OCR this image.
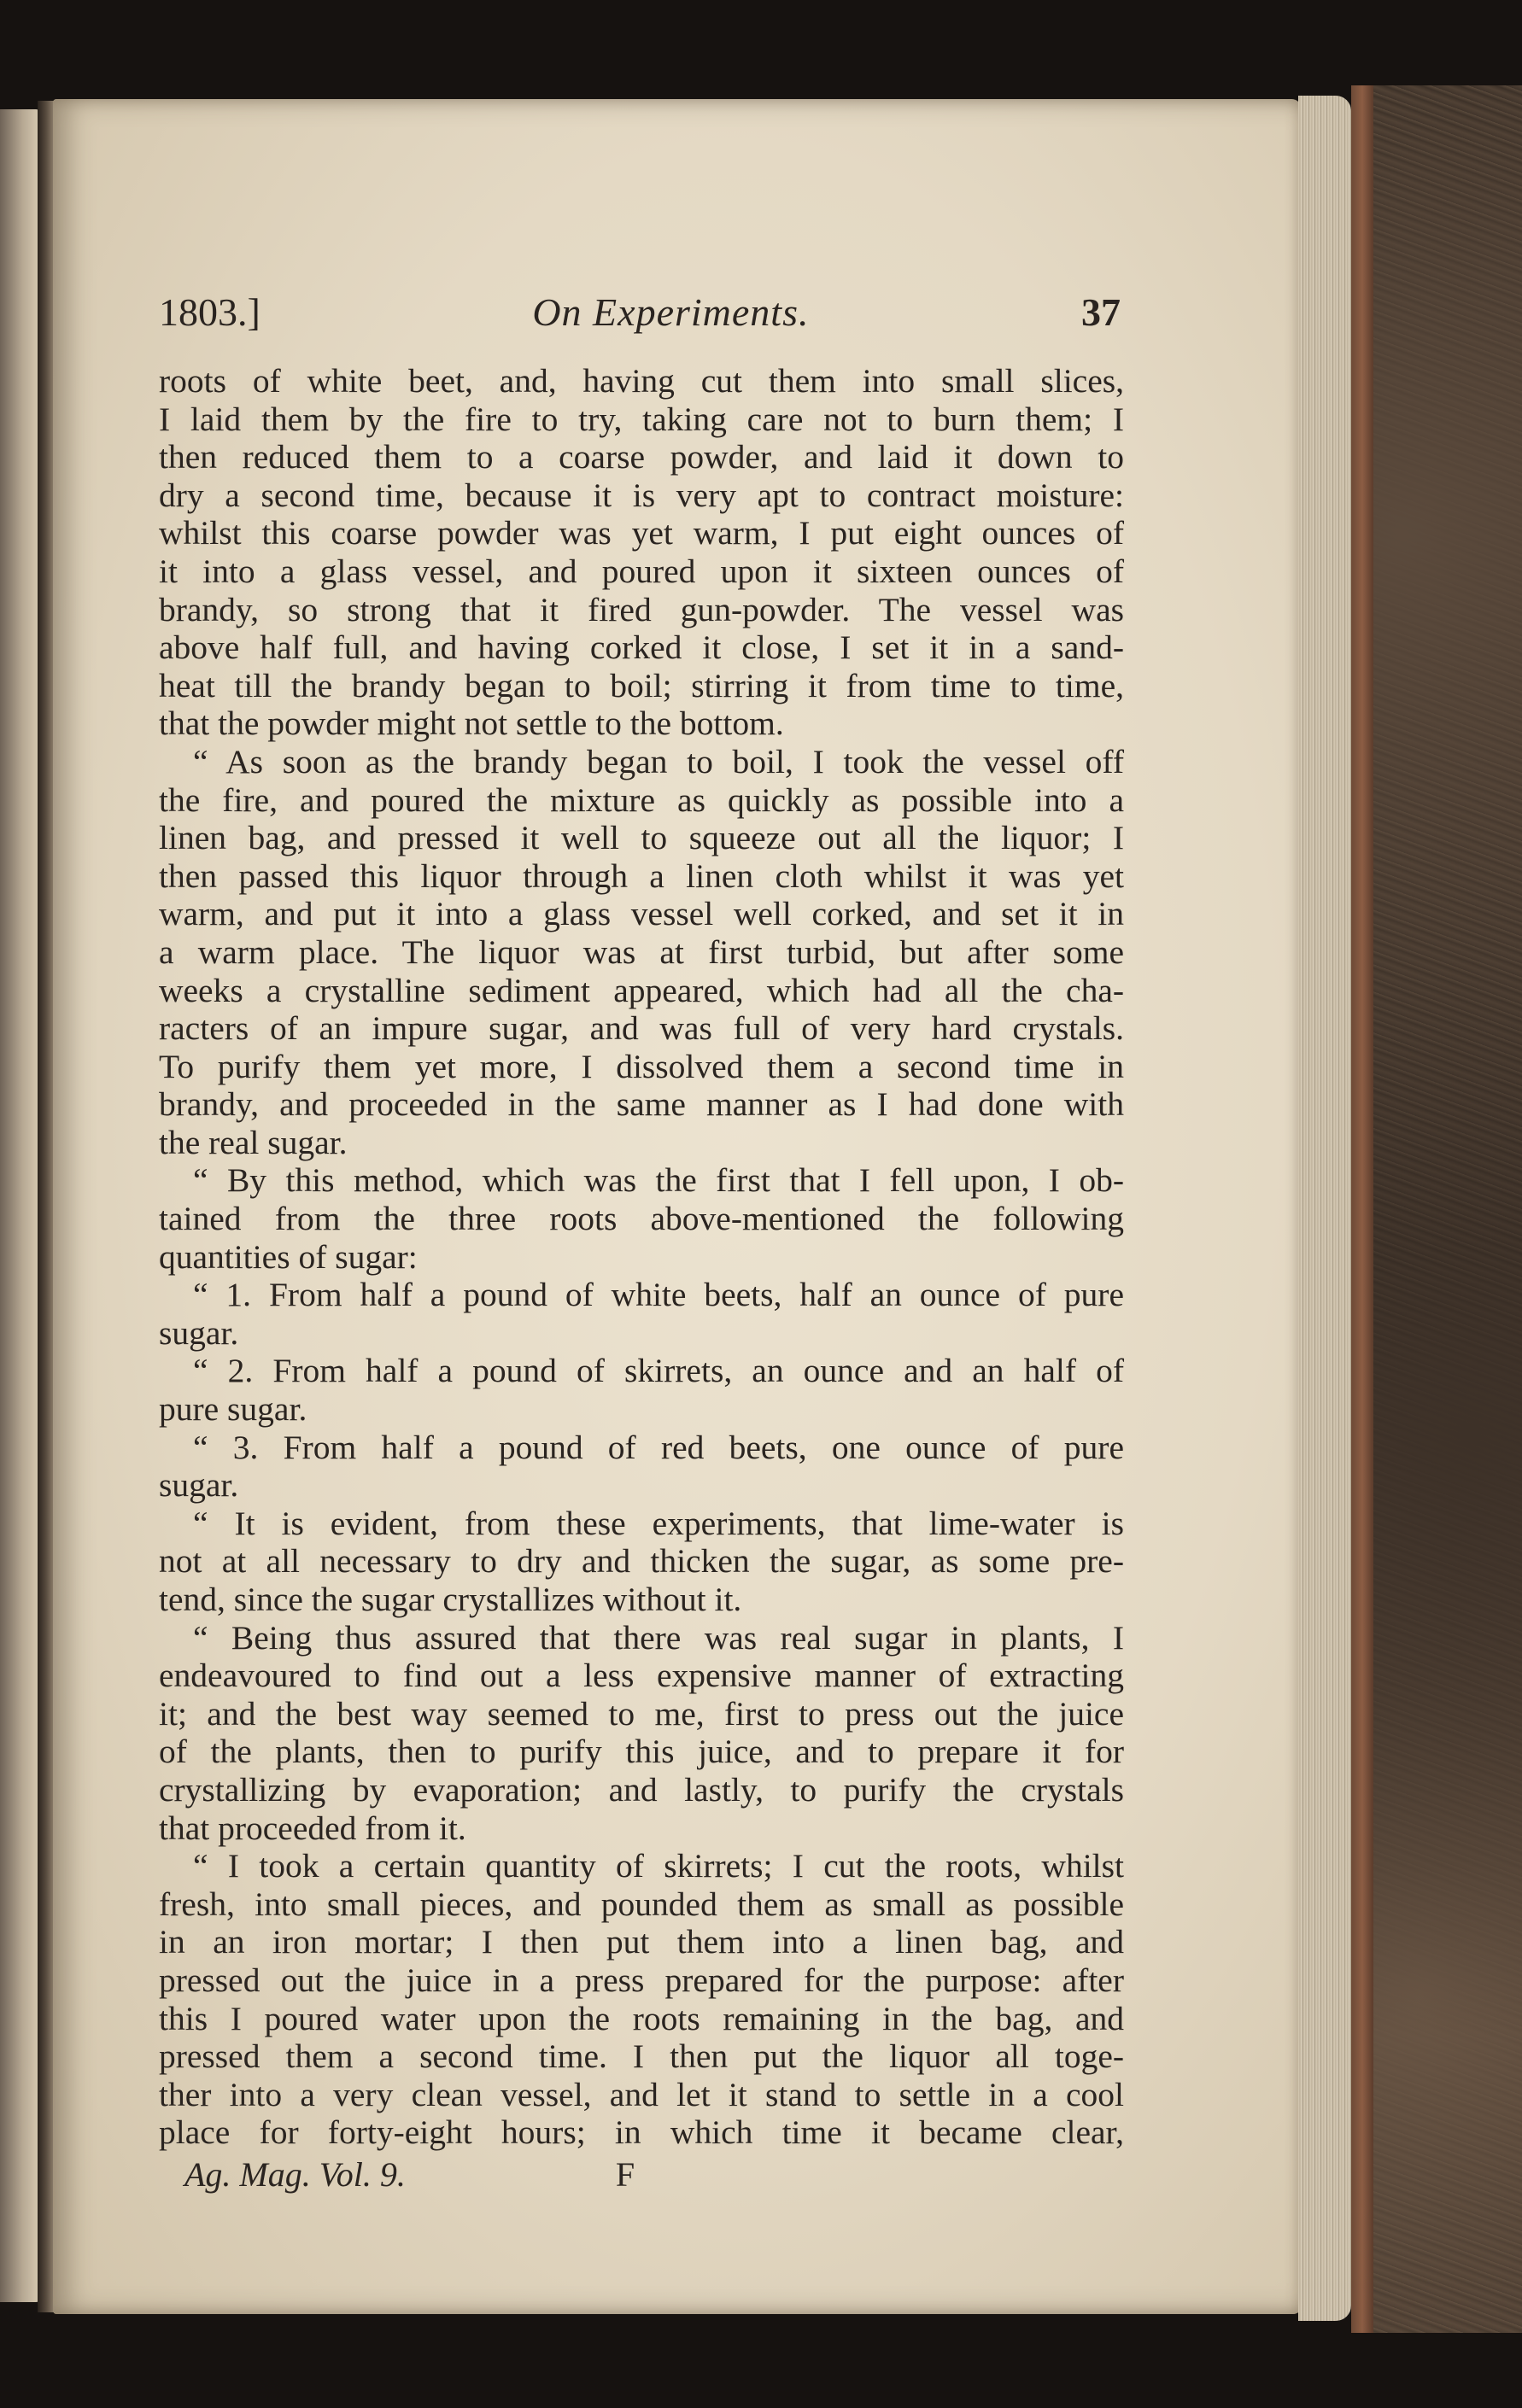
1803.]	On Experiments.	37
roots of white beet, and, having cut them into small slices,
I laid them by the fire to try, taking care not to burn them; I
then reduced them to a coarse powder, and laid it down to
dry a second time, because it is very apt to contract moisture:
whilst this coarse powder was yet warm, I put eight ounces of
it into a glass vessel, and poured upon it sixteen ounces of
brandy, so strong that it fired gun-powder. The vessel was
above half full, and having corked it close, I set it in a sand-
heat till the brandy began to boil; stirring it from time to time,
that the powder might not settle to the bottom.
“ As soon as the brandy began to boil, I took the vessel off
the fire, and poured the mixture as quickly as possible into a
linen bag, and pressed it well to squeeze out all the liquor; I
then passed this liquor through a linen cloth whilst it was yet
warm, and put it into a glass vessel well corked, and set it in
a warm place. The liquor was at first turbid, but after some
weeks a crystalline sediment appeared, which had all the cha-
racters of an impure sugar, and was full of very hard crystals.
To purify them yet more, I dissolved them a second time in
brandy, and proceeded in the same manner as I had done with
the real sugar.
“ By this method, which was the first that I fell upon, I ob-
tained from the three roots above-mentioned the following
quantities of sugar:
“ 1. From half a pound of white beets, half an ounce of pure
sugar.
“ 2. From half a pound of skirrets, an ounce and an half of
pure sugar.
“ 3. From half a pound of red beets, one ounce of pure
sugar.
“ It is evident, from these experiments, that lime-water is
not at all necessary to dry and thicken the sugar, as some pre-
tend, since the sugar crystallizes without it.
“ Being thus assured that there was real sugar in plants, I
endeavoured to find out a less expensive manner of extracting
it; and the best way seemed to me, first to press out the juice
of the plants, then to purify this juice, and to prepare it for
crystallizing by evaporation; and lastly, to purify the crystals
that proceeded from it.
“ I took a certain quantity of skirrets; I cut the roots, whilst
fresh, into small pieces, and pounded them as small as possible
in an iron mortar; I then put them into a linen bag, and
pressed out the juice in a press prepared for the purpose: after
this I poured water upon the roots remaining in the bag, and
pressed them a second time. I then put the liquor all toge-
ther into a very clean vessel, and let it stand to settle in a cool
place for forty-eight hours; in which time it became clear,
Ag. Mag. Vol. 9.	F
